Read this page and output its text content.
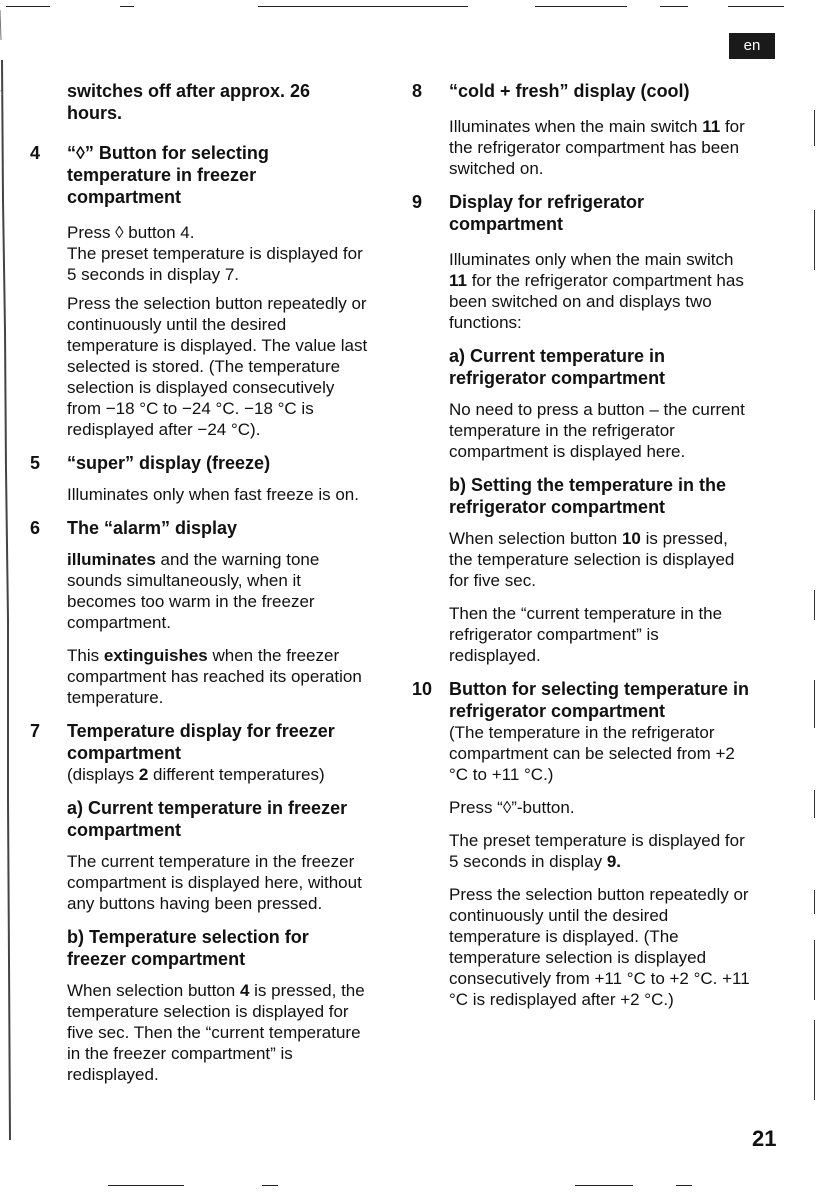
en
switches off after approx. 26
hours.
4 “◊” Button for selecting temperature in freezer compartment

Press ◊ button 4.
The preset temperature is displayed for 5 seconds in display 7.

Press the selection button repeatedly or continuously until the desired temperature is displayed. The value last selected is stored. (The temperature selection is displayed consecutively from −18 °C to −24 °C. −18 °C is redisplayed after −24 °C).

5 “super” display (freeze)

Illuminates only when fast freeze is on.

6 The “alarm” display

illuminates and the warning tone sounds simultaneously, when it becomes too warm in the freezer compartment.

This extinguishes when the freezer compartment has reached its operation temperature.

7 Temperature display for freezer compartment

(displays 2 different temperatures)

a) Current temperature in freezer compartment

The current temperature in the freezer compartment is displayed here, without any buttons having been pressed.

b) Temperature selection for freezer compartment

When selection button 4 is pressed, the temperature selection is displayed for five sec. Then the “current temperature in the freezer compartment” is redisplayed.

8 “cold + fresh” display (cool)

Illuminates when the main switch 11 for the refrigerator compartment has been switched on.

9 Display for refrigerator compartment

Illuminates only when the main switch 11 for the refrigerator compartment has been switched on and displays two functions:

a) Current temperature in refrigerator compartment

No need to press a button – the current temperature in the refrigerator compartment is displayed here.

b) Setting the temperature in the refrigerator compartment

When selection button 10 is pressed, the temperature selection is displayed for five sec.

Then the “current temperature in the refrigerator compartment” is redisplayed.

10 Button for selecting temperature in refrigerator compartment

(The temperature in the refrigerator compartment can be selected from +2 °C to +11 °C.)

Press “◊”-button.

The preset temperature is displayed for 5 seconds in display 9.

Press the selection button repeatedly or continuously until the desired temperature is displayed. (The temperature selection is displayed consecutively from +11 °C to +2 °C. +11 °C is redisplayed after +2 °C.)

21
